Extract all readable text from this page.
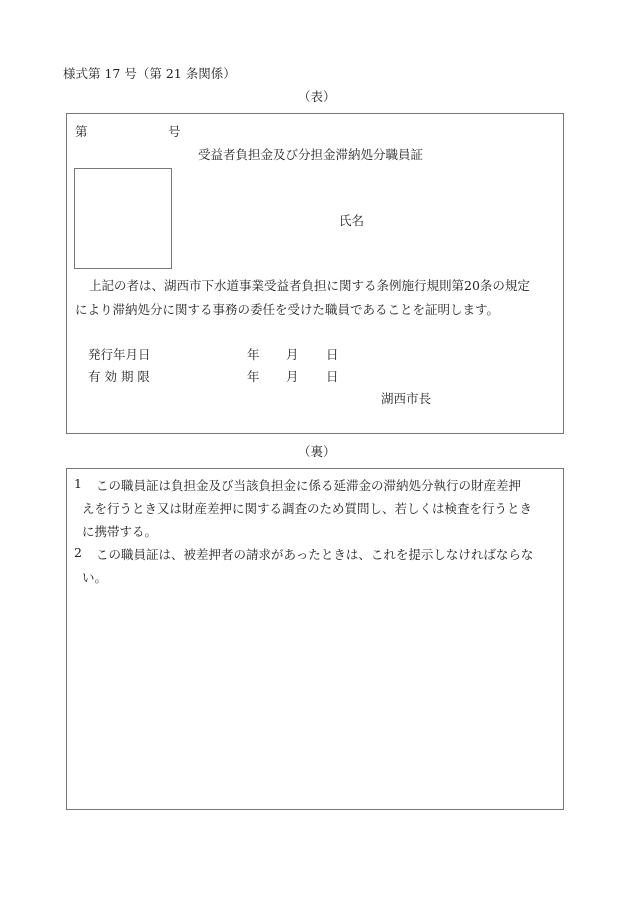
様式第 17 号（第 21 条関係）
（表）
第	号
受益者負担金及び分担金滞納処分職員証
氏名
上記の者は、湖西市下水道事業受益者負担に関する条例施行規則第20条の規定
により滞納処分に関する事務の委任を受けた職員であることを証明します。
発行年月日	年 月 日
有 効 期 限	年 月 日
湖西市長
（裏）
1 この職員証は負担金及び当該負担金に係る延滞金の滞納処分執行の財産差押
えを行うとき又は財産差押に関する調査のため質問し、若しくは検査を行うとき
に携帯する。
2 この職員証は、被差押者の請求があったときは、これを提示しなければならな
い。
